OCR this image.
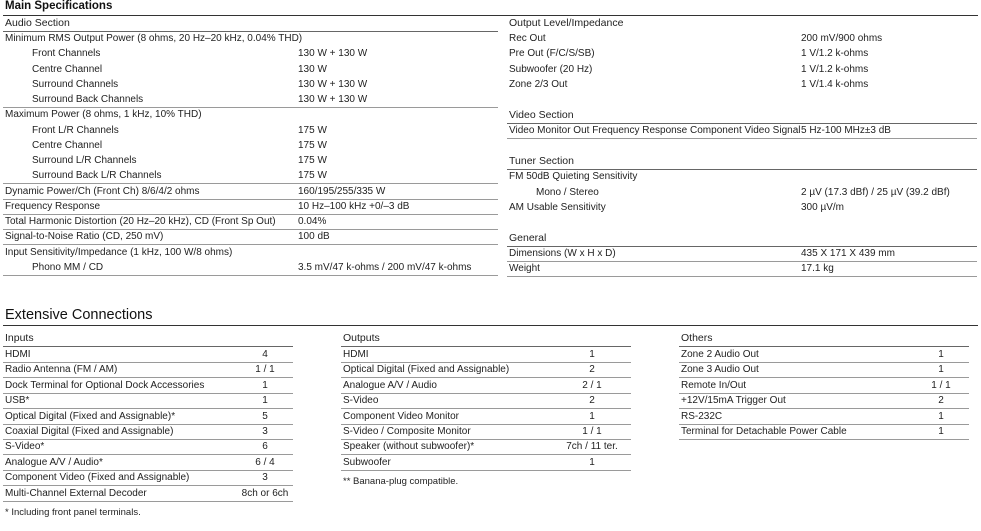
Main Specifications
Audio Section
Minimum RMS Output Power (8 ohms, 20 Hz–20 kHz, 0.04% THD)
Front Channels	130 W + 130 W
Centre Channel	130 W
Surround Channels	130 W + 130 W
Surround Back Channels	130 W + 130 W
Maximum Power (8 ohms, 1 kHz, 10% THD)
Front L/R Channels	175 W
Centre Channel	175 W
Surround L/R Channels	175 W
Surround Back L/R Channels	175 W
Dynamic Power/Ch (Front Ch) 8/6/4/2 ohms	160/195/255/335 W
Frequency Response	10 Hz–100 kHz +0/–3 dB
Total Harmonic Distortion (20 Hz–20 kHz), CD (Front Sp Out) 0.04%
Signal-to-Noise Ratio (CD, 250 mV)	100 dB
Input Sensitivity/Impedance (1 kHz, 100 W/8 ohms)
Phono MM / CD	3.5 mV/47 k-ohms / 200 mV/47 k-ohms
Output Level/Impedance
Rec Out	200 mV/900 ohms
Pre Out (F/C/S/SB)	1 V/1.2 k-ohms
Subwoofer (20 Hz)	1 V/1.2 k-ohms
Zone 2/3 Out	1 V/1.4 k-ohms
Video Section
Video Monitor Out Frequency Response Component Video Signal 5 Hz-100 MHz±3 dB
Tuner Section
FM 50dB Quieting Sensitivity
Mono / Stereo	2 µV (17.3 dBf) / 25 µV (39.2 dBf)
AM Usable Sensitivity	300 µV/m
General
Dimensions (W x H x D)	435 X 171 X 439 mm
Weight	17.1 kg
Extensive Connections
Inputs
HDMI	4
Radio Antenna (FM / AM)	1 / 1
Dock Terminal for Optional Dock Accessories	1
USB*	1
Optical Digital (Fixed and Assignable)*	5
Coaxial Digital (Fixed and Assignable)	3
S-Video*	6
Analogue A/V / Audio*	6 / 4
Component Video (Fixed and Assignable)	3
Multi-Channel External Decoder	8ch or 6ch
* Including front panel terminals.
Outputs
HDMI	1
Optical Digital (Fixed and Assignable)	2
Analogue A/V / Audio	2 / 1
S-Video	2
Component Video Monitor	1
S-Video / Composite Monitor	1 / 1
Speaker (without subwoofer)*	7ch / 11 ter.
Subwoofer	1
** Banana-plug compatible.
Others
Zone 2 Audio Out	1
Zone 3 Audio Out	1
Remote In/Out	1 / 1
+12V/15mA Trigger Out	2
RS-232C	1
Terminal for Detachable Power Cable	1
